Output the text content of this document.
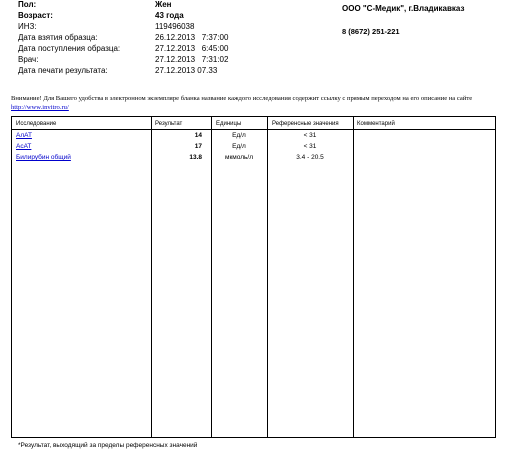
Пол:	Жен
Возраст:	43 года
ИНЗ:	119496038
Дата взятия образца:	26.12.2013   7:37:00
Дата поступления образца:	27.12.2013   6:45:00
Врач:	27.12.2013   7:31:02
Дата печати результата:	27.12.2013 07.33
ООО "С-Медик", г.Владикавказ
8 (8672) 251-221
Внимание! Для Вашего удобства в электронном экземпляре бланка название каждого исследования содержит ссылку с прямым переходом на его описание на сайте http://www.invitro.ru/
Исследование	Результат	Единицы	Референсные значения	Комментарий
АлАТ	14	Ед/л	< 31
АсАТ	17	Ед/л	< 31
Билирубин общий	13.8	мкмоль/л	3.4 - 20.5
*Результат, выходящий за пределы референсных значений
